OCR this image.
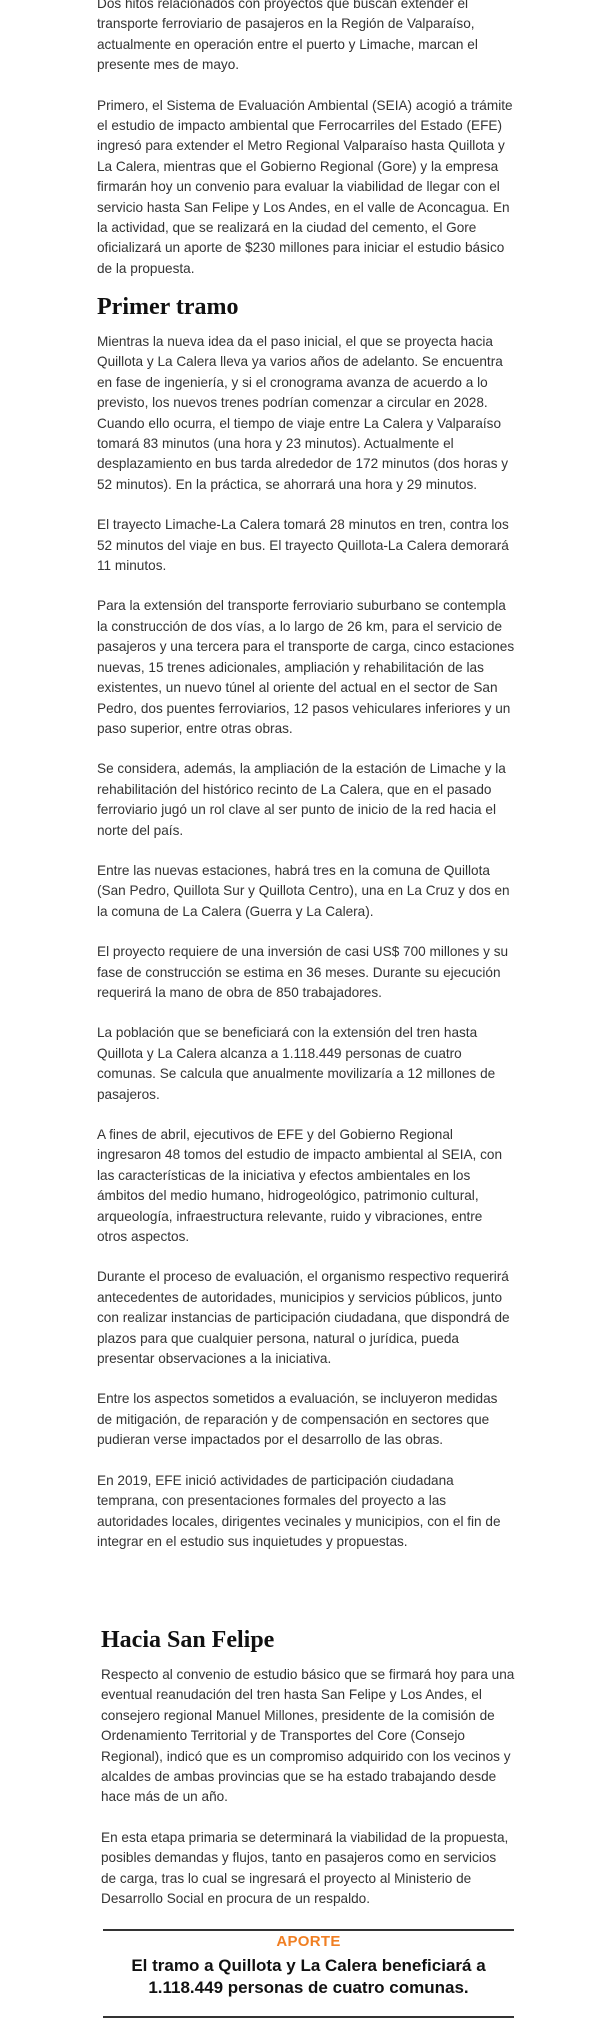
Dos hitos relacionados con proyectos que buscan extender el transporte ferroviario de pasajeros en la Región de Valparaíso, actualmente en operación entre el puerto y Limache, marcan el presente mes de mayo.

Primero, el Sistema de Evaluación Ambiental (SEIA) acogió a trámite el estudio de impacto ambiental que Ferrocarriles del Estado (EFE) ingresó para extender el Metro Regional Valparaíso hasta Quillota y La Calera, mientras que el Gobierno Regional (Gore) y la empresa firmarán hoy un convenio para evaluar la viabilidad de llegar con el servicio hasta San Felipe y Los Andes, en el valle de Aconcagua. En la actividad, que se realizará en la ciudad del cemento, el Gore oficializará un aporte de $230 millones para iniciar el estudio básico de la propuesta.

Primer tramo

Mientras la nueva idea da el paso inicial, el que se proyecta hacia Quillota y La Calera lleva ya varios años de adelanto. Se encuentra en fase de ingeniería, y si el cronograma avanza de acuerdo a lo previsto, los nuevos trenes podrían comenzar a circular en 2028. Cuando ello ocurra, el tiempo de viaje entre La Calera y Valparaíso tomará 83 minutos (una hora y 23 minutos). Actualmente el desplazamiento en bus tarda alrededor de 172 minutos (dos horas y 52 minutos). En la práctica, se ahorrará una hora y 29 minutos.

El trayecto Limache-La Calera tomará 28 minutos en tren, contra los 52 minutos del viaje en bus. El trayecto Quillota-La Calera demorará 11 minutos.

Para la extensión del transporte ferroviario suburbano se contempla la construcción de dos vías, a lo largo de 26 km, para el servicio de pasajeros y una tercera para el transporte de carga, cinco estaciones nuevas, 15 trenes adicionales, ampliación y rehabilitación de las existentes, un nuevo túnel al oriente del actual en el sector de San Pedro, dos puentes ferroviarios, 12 pasos vehiculares inferiores y un paso superior, entre otras obras.

Se considera, además, la ampliación de la estación de Limache y la rehabilitación del histórico recinto de La Calera, que en el pasado ferroviario jugó un rol clave al ser punto de inicio de la red hacia el norte del país.

Entre las nuevas estaciones, habrá tres en la comuna de Quillota (San Pedro, Quillota Sur y Quillota Centro), una en La Cruz y dos en la comuna de La Calera (Guerra y La Calera).

El proyecto requiere de una inversión de casi US$ 700 millones y su fase de construcción se estima en 36 meses. Durante su ejecución requerirá la mano de obra de 850 trabajadores.

La población que se beneficiará con la extensión del tren hasta Quillota y La Calera alcanza a 1.118.449 personas de cuatro comunas. Se calcula que anualmente movilizaría a 12 millones de pasajeros.

A fines de abril, ejecutivos de EFE y del Gobierno Regional ingresaron 48 tomos del estudio de impacto ambiental al SEIA, con las características de la iniciativa y efectos ambientales en los ámbitos del medio humano, hidrogeológico, patrimonio cultural, arqueología, infraestructura relevante, ruido y vibraciones, entre otros aspectos.

Durante el proceso de evaluación, el organismo respectivo requerirá antecedentes de autoridades, municipios y servicios públicos, junto con realizar instancias de participación ciudadana, que dispondrá de plazos para que cualquier persona, natural o jurídica, pueda presentar observaciones a la iniciativa.

Entre los aspectos sometidos a evaluación, se incluyeron medidas de mitigación, de reparación y de compensación en sectores que pudieran verse impactados por el desarrollo de las obras.

En 2019, EFE inició actividades de participación ciudadana temprana, con presentaciones formales del proyecto a las autoridades locales, dirigentes vecinales y municipios, con el fin de integrar en el estudio sus inquietudes y propuestas.

Hacia San Felipe

Respecto al convenio de estudio básico que se firmará hoy para una eventual reanudación del tren hasta San Felipe y Los Andes, el consejero regional Manuel Millones, presidente de la comisión de Ordenamiento Territorial y de Transportes del Core (Consejo Regional), indicó que es un compromiso adquirido con los vecinos y alcaldes de ambas provincias que se ha estado trabajando desde hace más de un año.

En esta etapa primaria se determinará la viabilidad de la propuesta, posibles demandas y flujos, tanto en pasajeros como en servicios de carga, tras lo cual se ingresará el proyecto al Ministerio de Desarrollo Social en procura de un respaldo.

APORTE
El tramo a Quillota y La Calera beneficiará a 1.118.449 personas de cuatro comunas.
